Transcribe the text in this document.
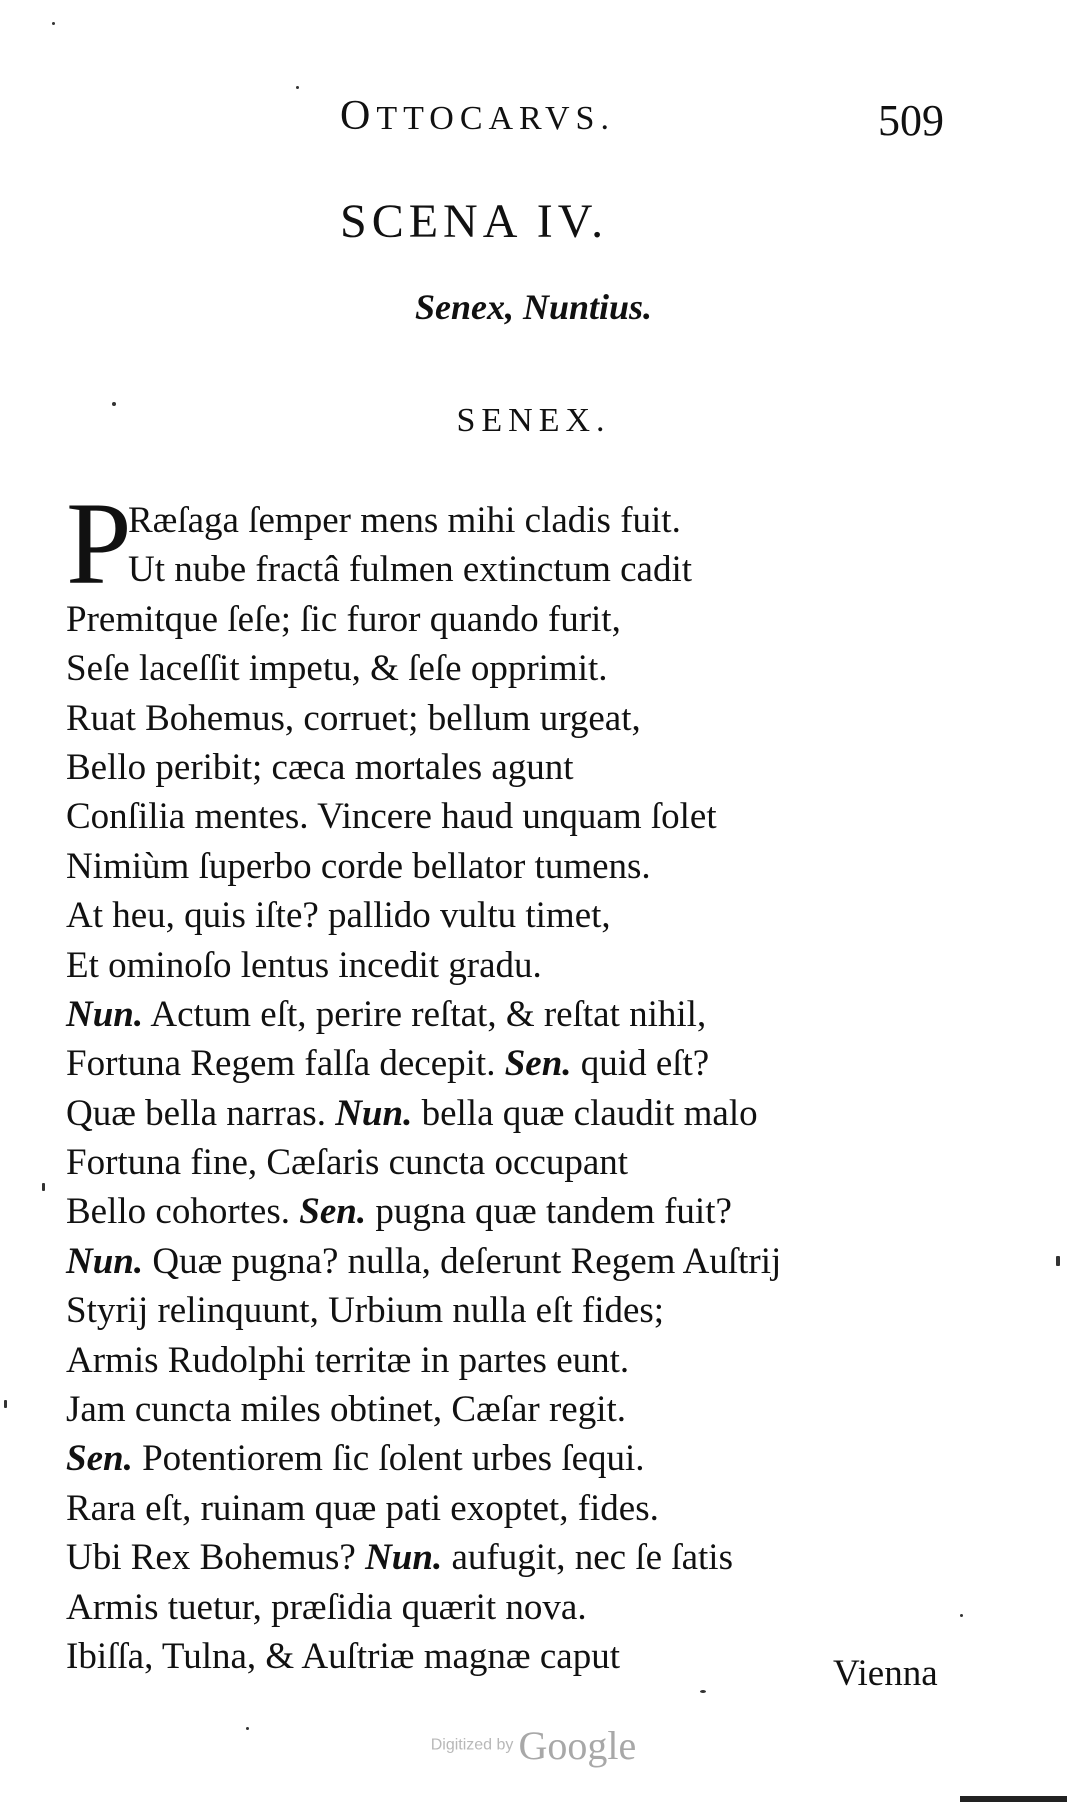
OTTOCARVS.	509
SCENA IV.
Senex, Nuntius.
SENEX.
P
Ræſaga ſemper mens mihi cladis fuit.
Ut nube fractâ fulmen extinctum cadit
Premitque ſeſe; ſic furor quando furit,
Seſe laceſſit impetu, & ſeſe opprimit.
Ruat Bohemus, corruet; bellum urgeat,
Bello peribit; cæca mortales agunt
Conſilia mentes. Vincere haud unquam ſolet
Nimiùm ſuperbo corde bellator tumens.
At heu, quis iſte? pallido vultu timet,
Et ominoſo lentus incedit gradu.
Nun. Actum eſt, perire reſtat, & reſtat nihil,
Fortuna Regem falſa decepit. Sen. quid eſt?
Quæ bella narras. Nun. bella quæ claudit malo
Fortuna fine, Cæſaris cuncta occupant
Bello cohortes. Sen. pugna quæ tandem fuit?
Nun. Quæ pugna? nulla, deſerunt Regem Auſtrij
Styrij relinquunt, Urbium nulla eſt fides;
Armis Rudolphi territæ in partes eunt.
Jam cuncta miles obtinet, Cæſar regit.
Sen. Potentiorem ſic ſolent urbes ſequi.
Rara eſt, ruinam quæ pati exoptet, fides.
Ubi Rex Bohemus? Nun. aufugit, nec ſe ſatis
Armis tuetur, præſidia quærit nova.
Ibiſſa, Tulna, & Auſtriæ magnæ caput	Vienna
Digitized by Google
